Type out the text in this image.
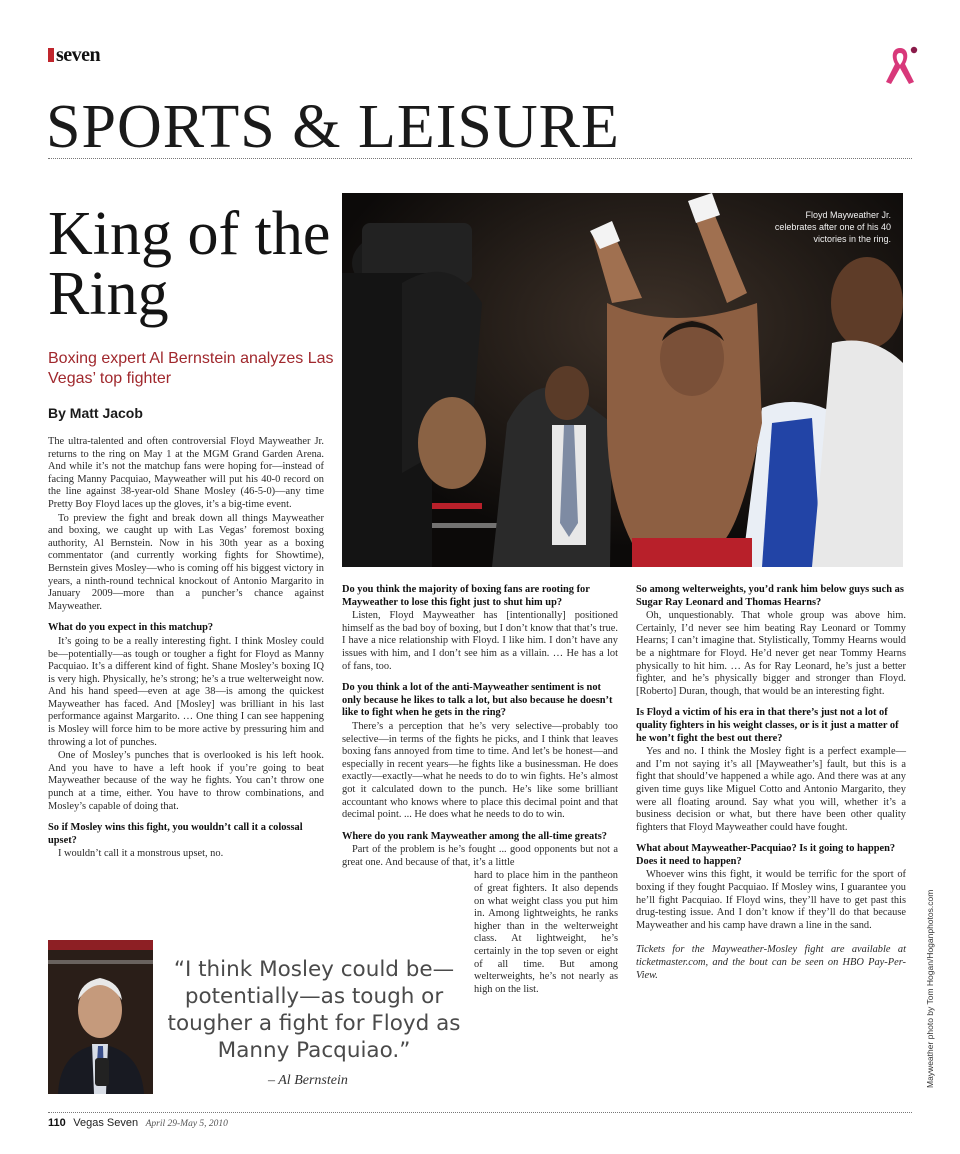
seven
SPORTS & LEISURE
King of the Ring
Boxing expert Al Bernstein analyzes Las Vegas’ top fighter
By Matt Jacob

The ultra-talented and often controversial Floyd Mayweather Jr. returns to the ring on May 1 at the MGM Grand Garden Arena. And while it’s not the matchup fans were hoping for—instead of facing Manny Pacquiao, Mayweather will put his 40-0 record on the line against 38-year-old Shane Mosley (46-5-0)—any time Pretty Boy Floyd laces up the gloves, it’s a big-time event.

To preview the fight and break down all things Mayweather and boxing, we caught up with Las Vegas’ foremost boxing authority, Al Bernstein. Now in his 30th year as a boxing commentator (and currently working fights for Showtime), Bernstein gives Mosley—who is coming off his biggest victory in years, a ninth-round technical knockout of Antonio Margarito in January 2009—more than a puncher’s chance against Mayweather.

What do you expect in this matchup?

It’s going to be a really interesting fight. I think Mosley could be—potentially—as tough or tougher a fight for Floyd as Manny Pacquiao. It’s a different kind of fight. Shane Mosley’s boxing IQ is very high. Physically, he’s strong; he’s a true welterweight now. And his hand speed—even at age 38—is among the quickest Mayweather has faced. And [Mosley] was brilliant in his last performance against Margarito. … One thing I can see happening is Mosley will force him to be more active by pressuring him and throwing a lot of punches.

One of Mosley’s punches that is overlooked is his left hook. And you have to have a left hook if you’re going to beat Mayweather because of the way he fights. You can’t throw one punch at a time, either. You have to throw combinations, and Mosley’s capable of doing that.

So if Mosley wins this fight, you wouldn’t call it a colossal upset?

I wouldn’t call it a monstrous upset, no.

Floyd Mayweather Jr. celebrates after one of his 40 victories in the ring.

Do you think the majority of boxing fans are rooting for Mayweather to lose this fight just to shut him up?

Listen, Floyd Mayweather has [intentionally] positioned himself as the bad boy of boxing, but I don’t know that that’s true. I have a nice relationship with Floyd. I like him. I don’t have any issues with him, and I don’t see him as a villain. … He has a lot of fans, too.

Do you think a lot of the anti-Mayweather sentiment is not only because he likes to talk a lot, but also because he doesn’t like to fight when he gets in the ring?

There’s a perception that he’s very selective—probably too selective—in terms of the fights he picks, and I think that leaves boxing fans annoyed from time to time. And let’s be honest—and especially in recent years—he fights like a businessman. He does exactly—exactly—what he needs to do to win fights. He’s almost got it calculated down to the punch. He’s like some brilliant accountant who knows where to place this decimal point and that decimal point. ... He does what he needs to do to win.

Where do you rank Mayweather among the all-time greats?

Part of the problem is he’s fought ... good opponents but not a great one. And because of that, it’s a little

hard to place him in the pantheon of great fighters. It also depends on what weight class you put him in. Among lightweights, he ranks higher than in the welterweight class. At lightweight, he’s certainly in the top seven or eight of all time. But among welterweights, he’s not nearly as high on the list.

So among welterweights, you’d rank him below guys such as Sugar Ray Leonard and Thomas Hearns?

Oh, unquestionably. That whole group was above him. Certainly, I’d never see him beating Ray Leonard or Tommy Hearns; I can’t imagine that. Stylistically, Tommy Hearns would be a nightmare for Floyd. He’d never get near Tommy Hearns physically to hit him. … As for Ray Leonard, he’s just a better fighter, and he’s physically bigger and stronger than Floyd. [Roberto] Duran, though, that would be an interesting fight.

Is Floyd a victim of his era in that there’s just not a lot of quality fighters in his weight classes, or is it just a matter of he won’t fight the best out there?

Yes and no. I think the Mosley fight is a perfect example—and I’m not saying it’s all [Mayweather’s] fault, but this is a fight that should’ve happened a while ago. And there was at any given time guys like Miguel Cotto and Antonio Margarito, they were all floating around. Say what you will, whether it’s a business decision or what, but there have been other quality fighters that Floyd Mayweather could have fought.

What about Mayweather-Pacquiao? Is it going to happen? Does it need to happen?

Whoever wins this fight, it would be terrific for the sport of boxing if they fought Pacquiao. If Mosley wins, I guarantee you he’ll fight Pacquiao. If Floyd wins, they’ll have to get past this drug-testing issue. And I don’t know if they’ll do that because Mayweather and his camp have drawn a line in the sand.

Tickets for the Mayweather-Mosley fight are available at ticketmaster.com, and the bout can be seen on HBO Pay-Per-View.

“I think Mosley could be—potentially—as tough or tougher a fight for Floyd as Manny Pacquiao.”
– Al Bernstein	Mayweather photo by Tom Hogan/Hoganphotos.com
110 Vegas Seven April 29-May 5, 2010
